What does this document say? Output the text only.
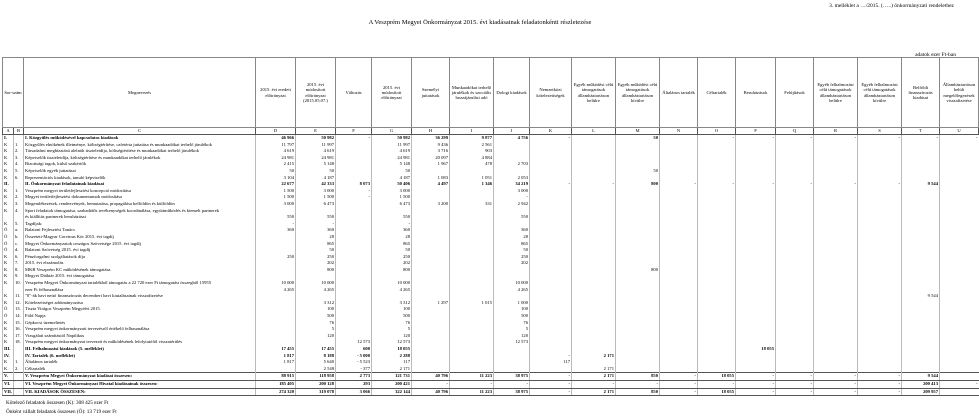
3. melléklet a …/2015. (…..) önkormányzati rendelethez
A Veszprém Megyei Önkormányzat 2015. évi kiadásainak feladatonkénti részletezése
adatok ezer Ft-ban
Sor-szám		Megnevezés	2015. évi eredeti előirányzat	2015. évi módosított előirányzat (2015.05.07.)	Változás	2015. évi módosított előirányzat	Személyi juttatások	Munkaadókat terhelő járulékok és szociális hozzájárulási adó	Dologi kiadások	Nemzetközi kötelezettségek	Egyéb működési célú támogatások államháztartáson belülre	Egyéb működési célú támogatások államháztartáson kívülre	Általános tartalék	Céltartalék	Beruházások	Felújítások	Egyéb felhalmozási célú támogatások államháztartáson belülre	Egyéb felhalmozási célú támogatások államháztartáson kívülre	Belföldi finanszírozás kiadásai	Államháztartáson belüli megelőlegezések visszafizetése
A	B	C	D	E	F	G	H	I	J	K	L	M	N	O	P	Q	R	S	T	U
I.		I. Közgyűlés működésével kapcsolatos kiadások	46 966	50 982	-	50 982	36 299	9 877	4 756	-		50		-	-	-	-	-	-	-
K	1.	Közgyűlés elnökének illetménye, költségtérítése, cafetéria juttatása és munkaadókat terhelő járulékok	11 797	11 997		11 997	9 436	2 561												
K	2.	Társadalmi megbízatású alelnök tiszteletdíja, költségtérítése és munkaadókat terhelő járulékok	4 619	4 619		4 619	3 716	903												
K	3.	Képviselők tiszteletdíja, költségtérítése és munkaadókat terhelő járulékok	24 981	24 981		24 981	20 097	4 884												
K	4.	Bizottsági tagok, külső szakértők	2 415	5 148		5 148	1 967	478	2 703											
K	5.	Képviselők egyéb juttatásai	50	50		50						50								
K	6.	Reprezentációs kiadások, tanuló képviselők	3 104	4 187		4 187	1 083	1 051	2 053											
II.		II. Önkormányzat feladatainak kiadásai	22 677	42 333	8 073	50 406	4 497	1 346	34 219	-	-	800	-	-	-	-	-	-	9 544	
K	1.	Veszprém megyei területfejlesztési koncepció módosítása	1 500	3 000	-	3 000			3 000											
K	2.	Megyei területfejlesztési dokumentumok módosítása	1 500	1 500	-	1 500			-											
K	3.	Megemlékezések, rendezvények, bemutatása, propagálása belföldön és külföldön	3 000	6 473		6 473	3 200	331	2 942											
K	4.	Sport feladatok támogatása, szabadidős tevékenységek koordinálása, együttműködés és kiemelt partnerek																		
		és kiállítás partnerek beruházásai	550	550		550			550											
K	5.	Tagdíjak:	-	-		-														
Ö	a.	Balatoni Fejlesztési Tanács	360	360		360			360											
Ö	b.	Összetett-Magyar Corvinus Kör 2015. évi tagdíj		28		28			28											
Ö	c.	Megyei Önkormányzatok országos Szövetsége 2015. évi tagdíj		865		865			865											
Ö	d.	Balatoni Szövetség 2015. évi tagdíj		50		50			50											
K	6.	Pénzforgalmi szolgáltatások díja	250	250		250			250											
K	7.	2015. évi elszámolás		202		202			202											
K	8.	MKB Veszprém KC működésének támogatása		800		800						800								
K	9.	Megyei Diáktár 2015. évi támogatása																		
K	10.	Veszprém Megyei Önkormányzat tartalékból támogatás a 22 720 ezer Ft támogatási összegből 15955	10 000	10 000		10 000			10 000											
		ezer Ft felhasználása	4 265	4 265		4 265			4 265											
K	11.	"0"-ák havi nettó finanszírozás decemberi havi kiutalásainak visszafizetése																	9 544	
K	12.	Kötelezettséget adótmányozása		3 312		3 312	1 297	1 015	1 000											
Ö	13.	Tiszta Virágos Veszprém Megyéért 2015.		100		100			100											
Ö	14.	Föld Napja		500		500			500											
K	15.	Gépkocsi üzemeltetés		76		76			76											
K	16.	Veszprém megyei önkormányzati tervezésről értékelő felhasználása		5		5			5											
K	17.	Vizsgálati számítástól Napilikus		120		120			120											
K	18.	Veszprém megyei önkormányzat tervezett és működésének lefolytatóföl visszatérülés			12 573	12 573			12 573											
III.		III. Felhalmozási kiadások (5. melléklet)	17 455	17 455	600	18 055									18 055					
IV.		IV. Tartalék (6. melléklet)	1 817	8 188	- 5 000	2 288				-	2 171									
K	1.	Általános tartalék	1 817	5 640	- 5 523	117				117										
K	2.	Céltartalék		2 548	- 377	2 171					2 171									
V.		V. Veszprém Megyei Önkormányzat kiadásai összesen:	88 915	118 958	2 773	121 731	40 796	11 223	38 975	-	2 171	850	-	18 055	-	-	-	-	9 544	
VI.		VI. Veszprém Megyei Önkormányzat Hivatal kiadásainak összesen:	185 405	200 128	293	200 421	-	-	-	-	-	-	-	-	-	-	-	-	200 413	-
VII.		VII. KIADÁSOK ÖSSZESEN:	274 320	319 078	3 066	322 144	40 796	11 223	38 975	-	2 171	850	-	18 055	-	-	-	-	209 957	
Kötelező feladatok összesen (K): 308 425 ezer Ft
Önként vállalt feladatok összesen (Ö): 13 719 ezer Ft
